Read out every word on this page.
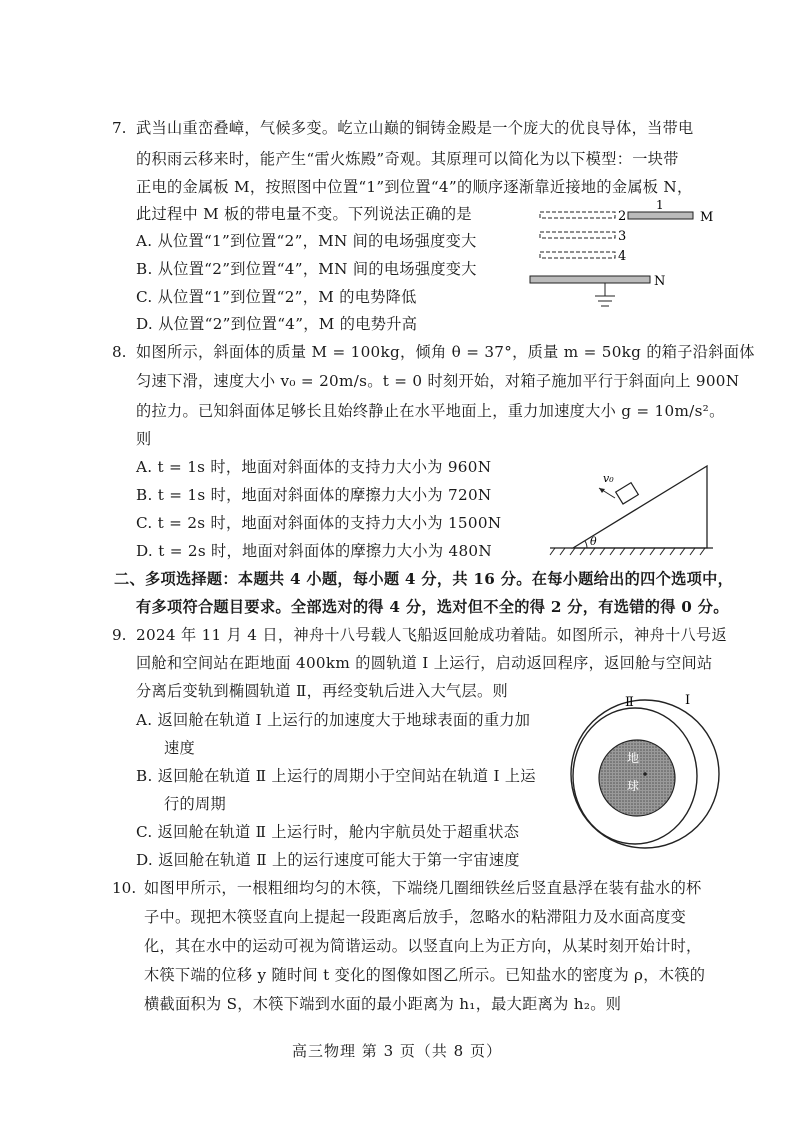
7. 武当山重峦叠嶂，气候多变。屹立山巅的铜铸金殿是一个庞大的优良导体，当带电
的积雨云移来时，能产生“雷火炼殿”奇观。其原理可以简化为以下模型：一块带
正电的金属板 M，按照图中位置“1”到位置“4”的顺序逐渐靠近接地的金属板 N，
此过程中 M 板的带电量不变。下列说法正确的是
A. 从位置“1”到位置“2”，MN 间的电场强度变大
B. 从位置“2”到位置“4”，MN 间的电场强度变大
C. 从位置“1”到位置“2”，M 的电势降低
D. 从位置“2”到位置“4”，M 的电势升高
2
3
4
1
M
N
8. 如图所示，斜面体的质量 M = 100kg，倾角 θ = 37°，质量 m = 50kg 的箱子沿斜面体
匀速下滑，速度大小 v₀ = 20m/s。t = 0 时刻开始，对箱子施加平行于斜面向上 900N
的拉力。已知斜面体足够长且始终静止在水平地面上，重力加速度大小 g = 10m/s²。
则
A. t = 1s 时，地面对斜面体的支持力大小为 960N
B. t = 1s 时，地面对斜面体的摩擦力大小为 720N
C. t = 2s 时，地面对斜面体的支持力大小为 1500N
D. t = 2s 时，地面对斜面体的摩擦力大小为 480N
v₀
θ
二、多项选择题：本题共 4 小题，每小题 4 分，共 16 分。在每小题给出的四个选项中，
有多项符合题目要求。全部选对的得 4 分，选对但不全的得 2 分，有选错的得 0 分。
9. 2024 年 11 月 4 日，神舟十八号载人飞船返回舱成功着陆。如图所示，神舟十八号返
回舱和空间站在距地面 400km 的圆轨道 Ⅰ 上运行，启动返回程序，返回舱与空间站
分离后变轨到椭圆轨道 Ⅱ，再经变轨后进入大气层。则
A. 返回舱在轨道 Ⅰ 上运行的加速度大于地球表面的重力加
速度
B. 返回舱在轨道 Ⅱ 上运行的周期小于空间站在轨道 Ⅰ 上运
行的周期
C. 返回舱在轨道 Ⅱ 上运行时，舱内宇航员处于超重状态
D. 返回舱在轨道 Ⅱ 上的运行速度可能大于第一宇宙速度
Ⅰ
Ⅱ
地
球
10. 如图甲所示，一根粗细均匀的木筷，下端绕几圈细铁丝后竖直悬浮在装有盐水的杯
子中。现把木筷竖直向上提起一段距离后放手，忽略水的粘滞阻力及水面高度变
化，其在水中的运动可视为简谐运动。以竖直向上为正方向，从某时刻开始计时，
木筷下端的位移 y 随时间 t 变化的图像如图乙所示。已知盐水的密度为 ρ，木筷的
横截面积为 S，木筷下端到水面的最小距离为 h₁，最大距离为 h₂。则
高三物理 第 3 页（共 8 页）
